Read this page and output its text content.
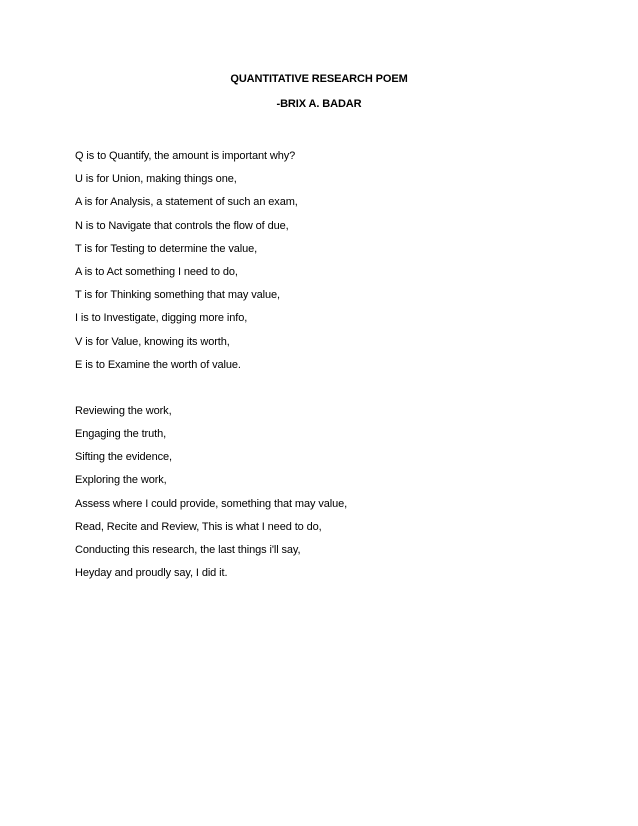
QUANTITATIVE RESEARCH POEM
-BRIX A. BADAR
Q is to Quantify, the amount is important why?
U is for Union, making things one,
A is for Analysis, a statement of such an exam,
N is to Navigate that controls the flow of due,
T is for Testing to determine the value,
A is to Act something I need to do,
T is for Thinking something that may value,
I is to Investigate, digging more info,
V is for Value, knowing its worth,
E is to Examine the worth of value.
Reviewing the work,
Engaging the truth,
Sifting the evidence,
Exploring the work,
Assess where I could provide, something that may value,
Read, Recite and Review, This is what I need to do,
Conducting this research, the last things i'll say,
Heyday and proudly say, I did it.
